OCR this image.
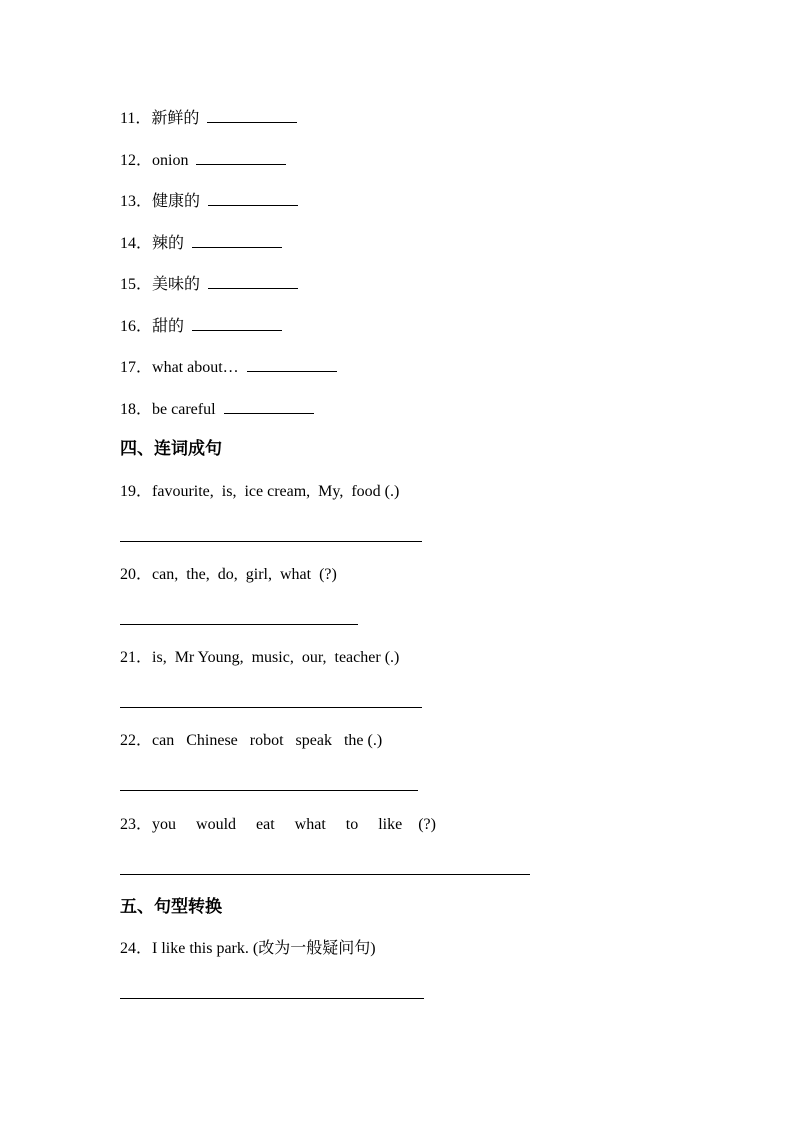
11．新鲜的
12．onion
13．健康的
14．辣的
15．美味的
16．甜的
17．what about…
18．be careful
四、连词成句
19．favourite,  is,  ice cream,  My,  food (.)
20．can,  the,  do,  girl,  what  (?)
21．is,  Mr Young,  music,  our,  teacher (.)
22．can   Chinese   robot   speak   the (.)
23．you     would     eat     what     to     like    (?)
五、句型转换
24．I like this park. (改为一般疑问句)
